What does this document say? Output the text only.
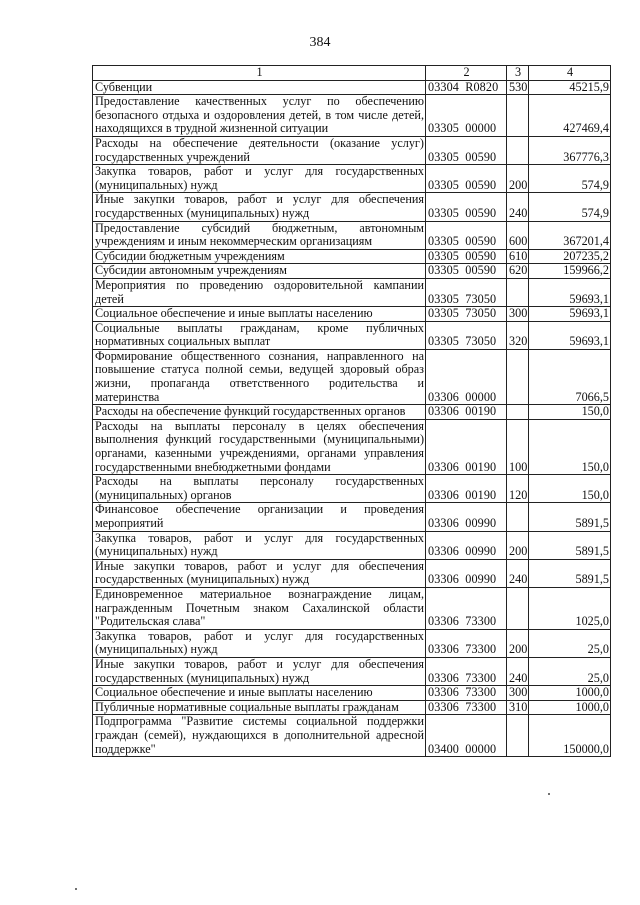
384
1	2	3	4
Субвенции	03304  R0820	530	45215,9
Предоставление качественных услуг по обеспечению безопасного отдыха и оздоровления детей, в том числе детей, находящихся в трудной жизненной ситуации	03305  00000		427469,4
Расходы на обеспечение деятельности (оказание услуг) государственных учреждений	03305  00590		367776,3
Закупка товаров, работ и услуг для государственных (муниципальных) нужд	03305  00590	200	574,9
Иные закупки товаров, работ и услуг для обеспечения государственных (муниципальных) нужд	03305  00590	240	574,9
Предоставление субсидий бюджетным, автономным учреждениям и иным некоммерческим организациям	03305  00590	600	367201,4
Субсидии бюджетным учреждениям	03305  00590	610	207235,2
Субсидии автономным учреждениям	03305  00590	620	159966,2
Мероприятия по проведению оздоровительной кампании детей	03305  73050		59693,1
Социальное обеспечение и иные выплаты населению	03305  73050	300	59693,1
Социальные выплаты гражданам, кроме публичных нормативных социальных выплат	03305  73050	320	59693,1
Формирование общественного сознания, направленного на повышение статуса полной семьи, ведущей здоровый образ жизни, пропаганда ответственного родительства и материнства	03306  00000		7066,5
Расходы на обеспечение функций государственных органов	03306  00190		150,0
Расходы на выплаты персоналу в целях обеспечения выполнения функций государственными (муниципальными) органами, казенными учреждениями, органами управления государственными внебюджетными фондами	03306  00190	100	150,0
Расходы на выплаты персоналу государственных (муниципальных) органов	03306  00190	120	150,0
Финансовое обеспечение организации и проведения мероприятий	03306  00990		5891,5
Закупка товаров, работ и услуг для государственных (муниципальных) нужд	03306  00990	200	5891,5
Иные закупки товаров, работ и услуг для обеспечения государственных (муниципальных) нужд	03306  00990	240	5891,5
Единовременное материальное вознаграждение лицам, награжденным Почетным знаком Сахалинской области "Родительская слава"	03306  73300		1025,0
Закупка товаров, работ и услуг для государственных (муниципальных) нужд	03306  73300	200	25,0
Иные закупки товаров, работ и услуг для обеспечения государственных (муниципальных) нужд	03306  73300	240	25,0
Социальное обеспечение и иные выплаты населению	03306  73300	300	1000,0
Публичные нормативные социальные выплаты гражданам	03306  73300	310	1000,0
Подпрограмма "Развитие системы социальной поддержки граждан (семей), нуждающихся в дополнительной адресной поддержке"	03400  00000		150000,0
